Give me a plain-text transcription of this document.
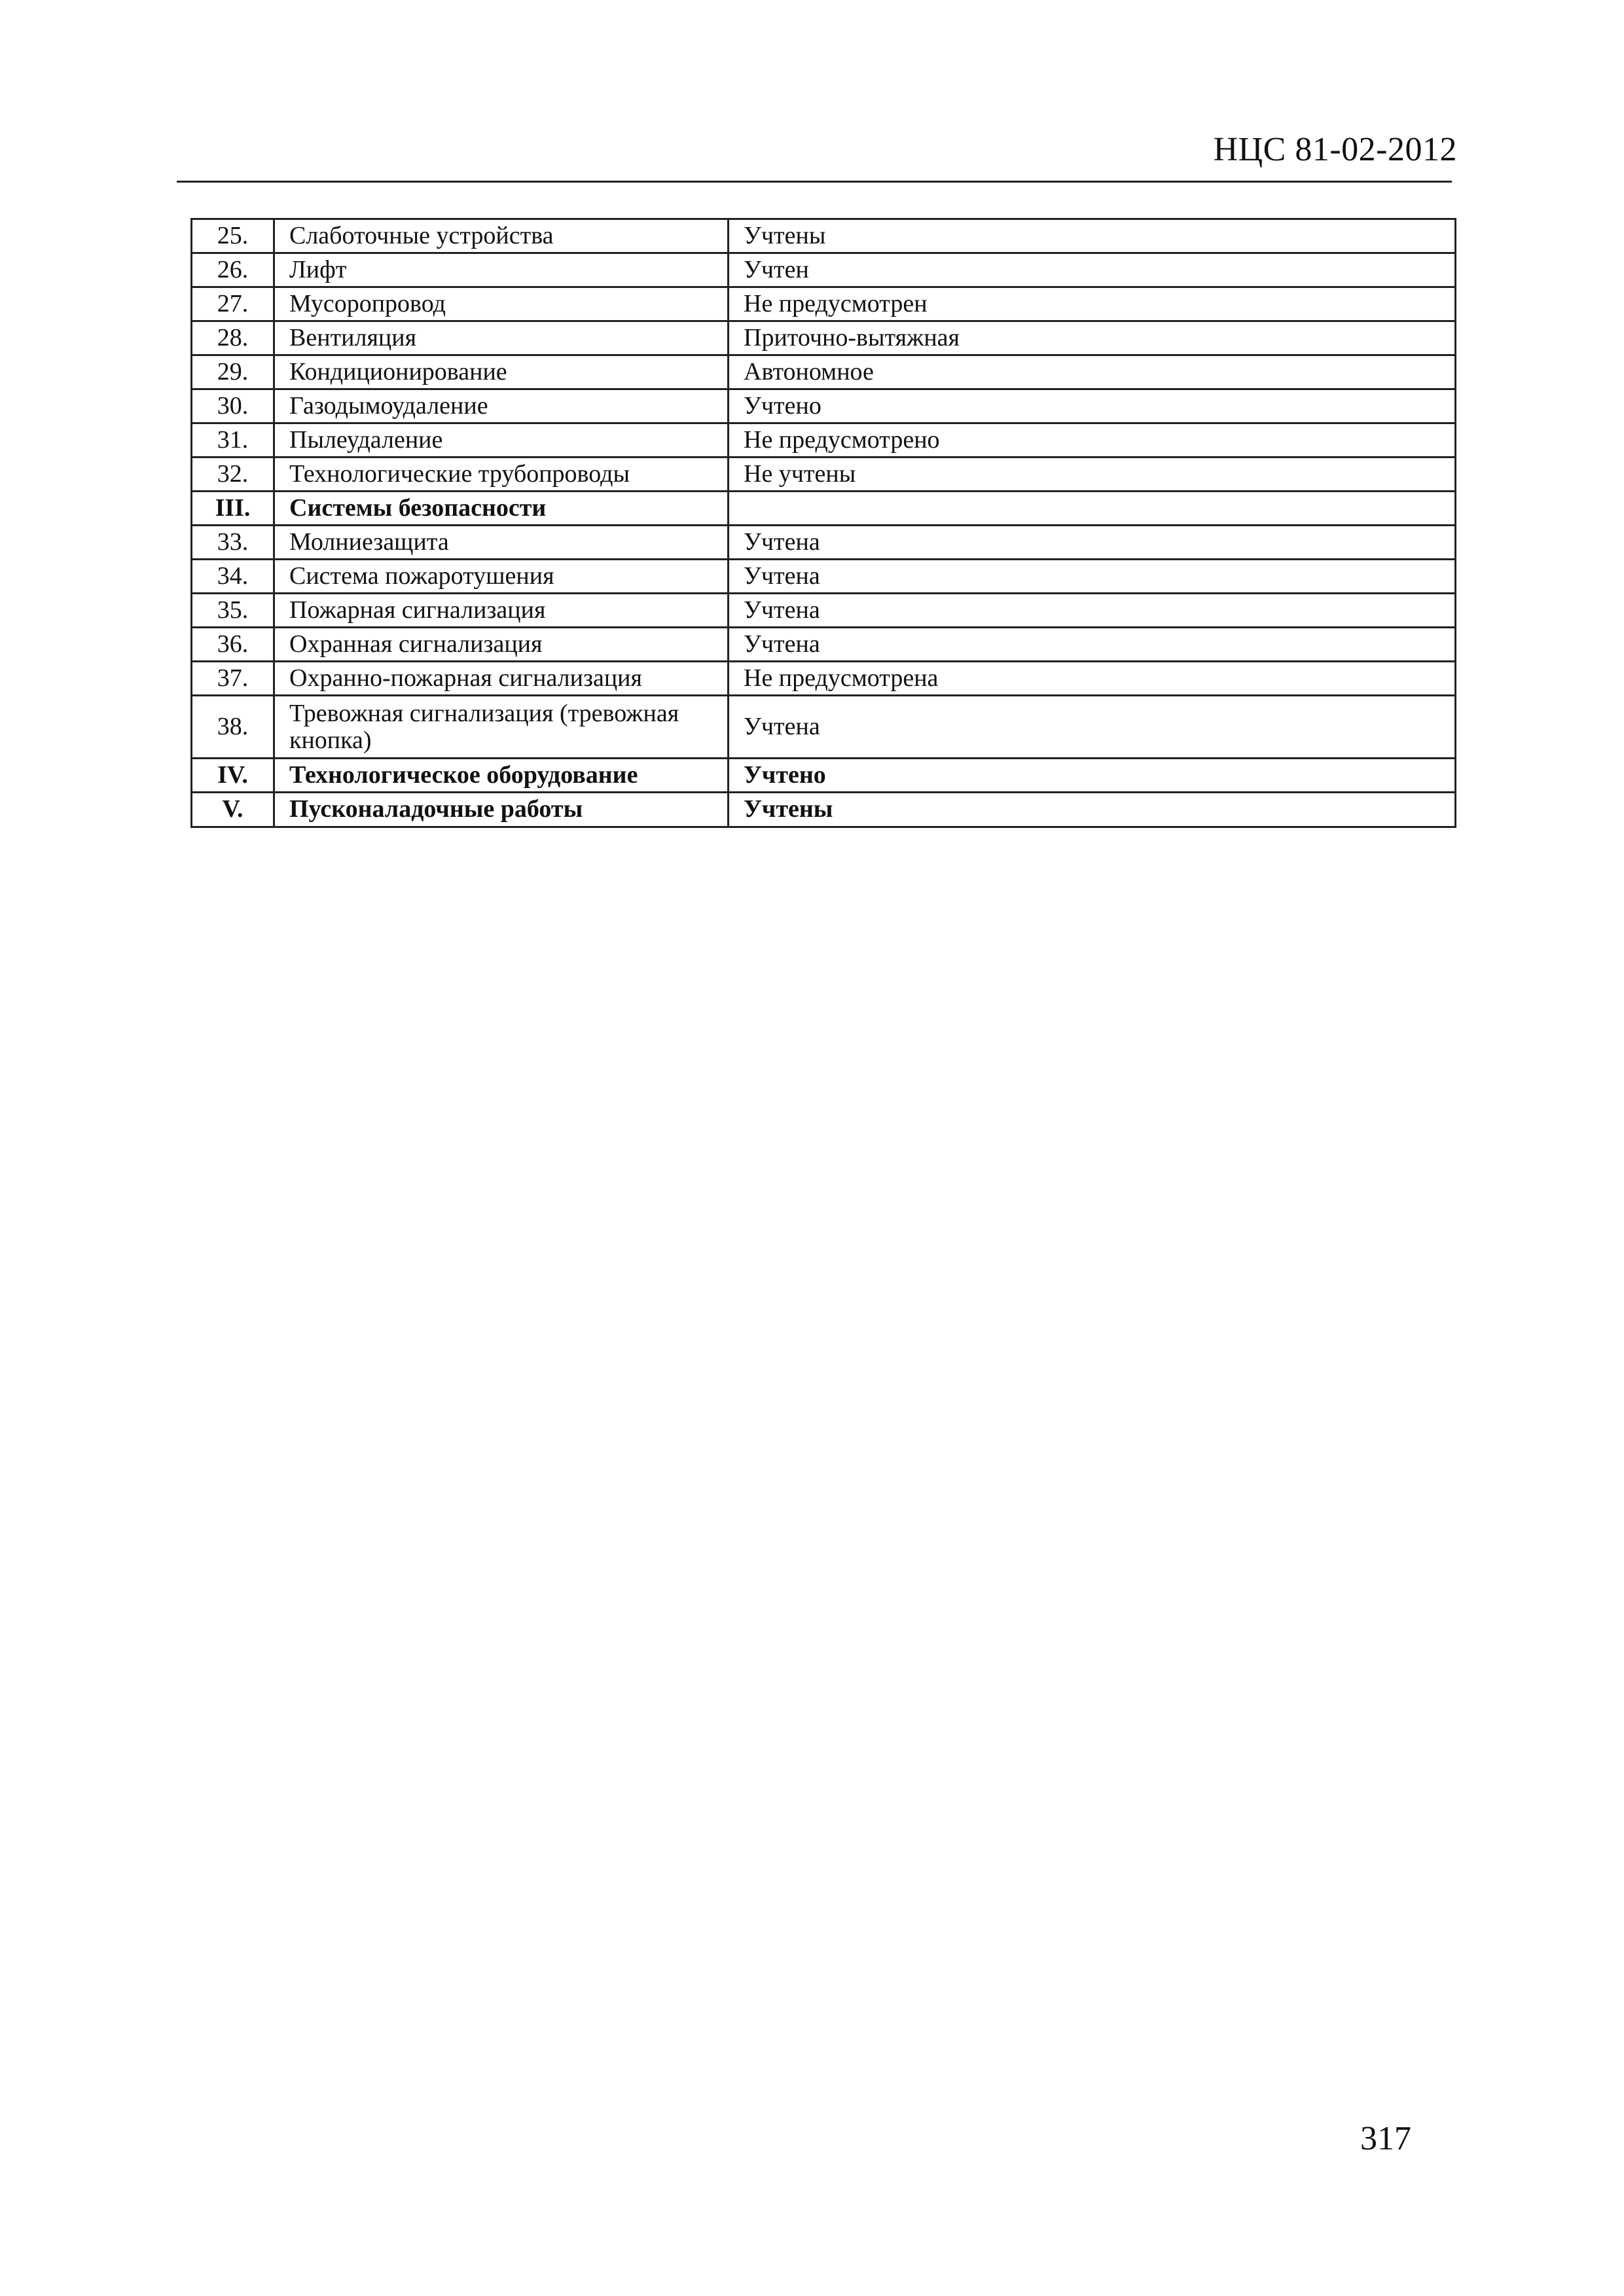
НЦС 81-02-2012
25.	Слаботочные устройства	Учтены
26.	Лифт	Учтен
27.	Мусоропровод	Не предусмотрен
28.	Вентиляция	Приточно-вытяжная
29.	Кондиционирование	Автономное
30.	Газодымоудаление	Учтено
31.	Пылеудаление	Не предусмотрено
32.	Технологические трубопроводы	Не учтены
III.	Системы безопасности	
33.	Молниезащита	Учтена
34.	Система пожаротушения	Учтена
35.	Пожарная сигнализация	Учтена
36.	Охранная сигнализация	Учтена
37.	Охранно-пожарная сигнализация	Не предусмотрена
38.	Тревожная сигнализация (тревожная кнопка)	Учтена
IV.	Технологическое оборудование	Учтено
V.	Пусконаладочные работы	Учтены
317
